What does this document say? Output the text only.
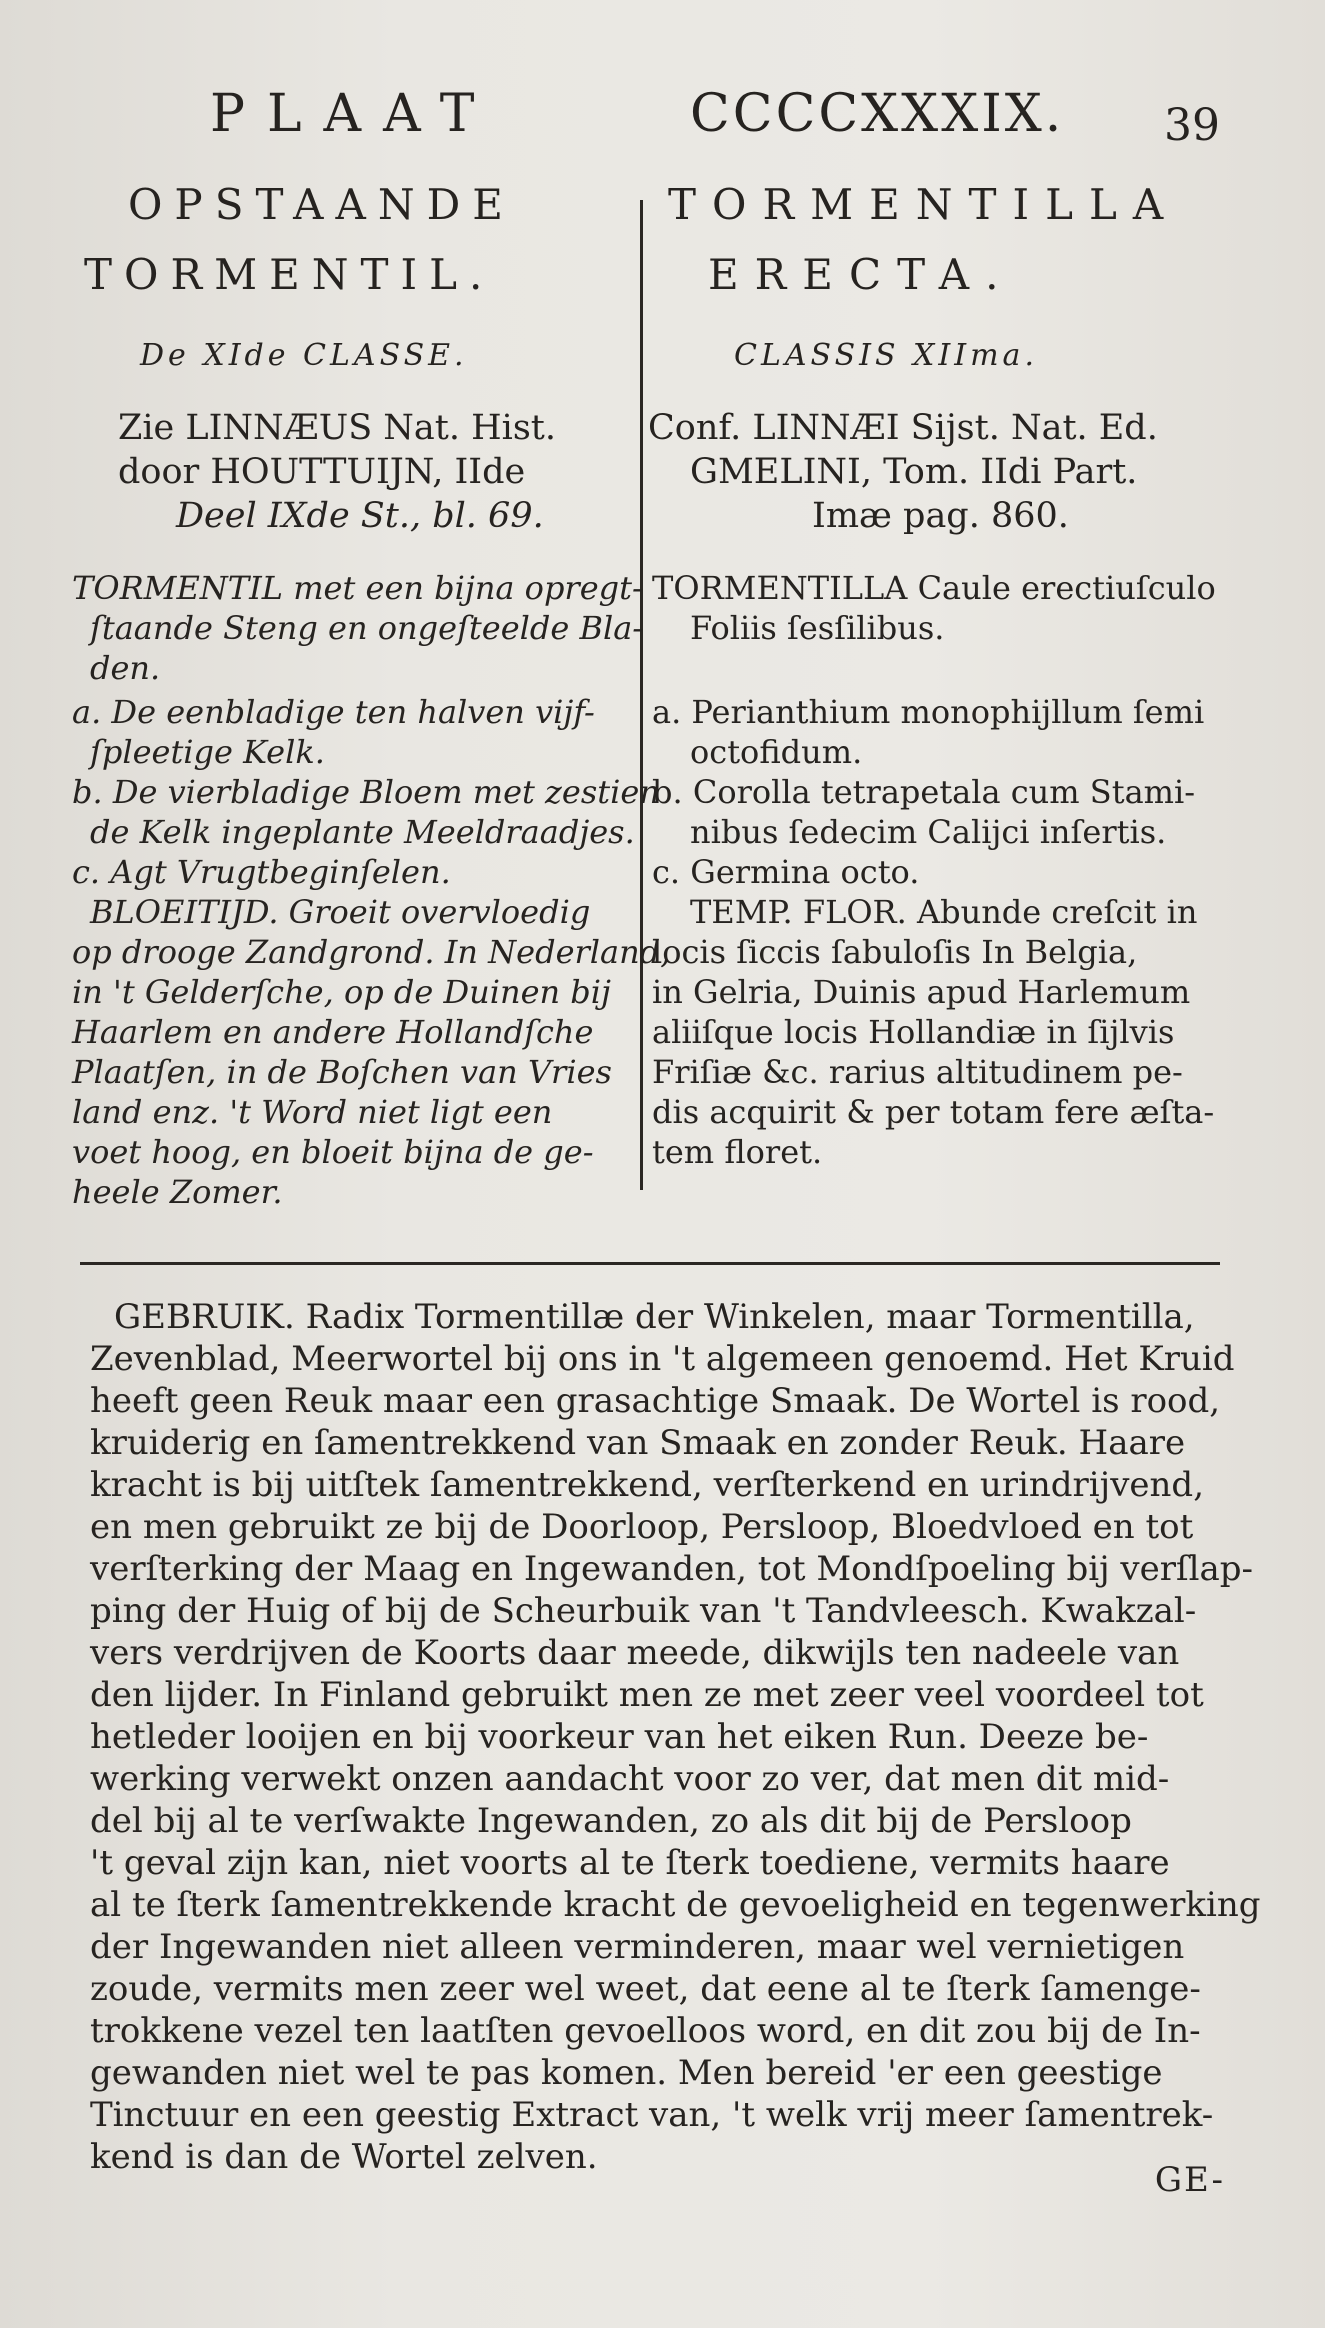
PLAAT	CCCCXXXIX. 39
OPSTAANDE
TORMENTIL.
De XIde CLASSE.
Zie LINNÆUS Nat. Hist.
door HOUTTUIJN, IIde
Deel IXde St., bl. 69.
TORMENTIL met een bijna opregt-
ſtaande Steng en ongeſteelde Bla-
den.
a. De eenbladige ten halven vijf-
ſpleetige Kelk.
b. De vierbladige Bloem met zestien
de Kelk ingeplante Meeldraadjes.
c. Agt Vrugtbeginſelen.
BLOEITIJD. Groeit overvloedig
op drooge Zandgrond. In Nederland,
in 't Gelderſche, op de Duinen bij
Haarlem en andere Hollandſche
Plaatſen, in de Boſchen van Vries
land enz. 't Word niet ligt een
voet hoog, en bloeit bijna de ge-
heele Zomer.
TORMENTILLA
ERECTA.
CLASSIS XIIma.
Conf. LINNÆI Sijst. Nat. Ed.
GMELINI, Tom. IIdi Part.
Imæ pag. 860.
TORMENTILLA Caule erectiuſculo
Foliis ſesſilibus.
a. Perianthium monophijllum ſemi
octofidum.
b. Corolla tetrapetala cum Stami-
nibus ſedecim Calijci inſertis.
c. Germina octo.
TEMP. FLOR. Abunde creſcit in
locis ſiccis ſabuloſis In Belgia,
in Gelria, Duinis apud Harlemum
aliiſque locis Hollandiæ in ſijlvis
Friſiæ &c. rarius altitudinem pe-
dis acquirit & per totam fere æſta-
tem floret.
GEBRUIK. Radix Tormentillæ der Winkelen, maar Tormentilla,
Zevenblad, Meerwortel bij ons in 't algemeen genoemd. Het Kruid
heeft geen Reuk maar een grasachtige Smaak. De Wortel is rood,
kruiderig en ſamentrekkend van Smaak en zonder Reuk. Haare
kracht is bij uitſtek ſamentrekkend, verſterkend en urindrijvend,
en men gebruikt ze bij de Doorloop, Persloop, Bloedvloed en tot
verſterking der Maag en Ingewanden, tot Mondſpoeling bij verſlap-
ping der Huig of bij de Scheurbuik van 't Tandvleesch. Kwakzal-
vers verdrijven de Koorts daar meede, dikwijls ten nadeele van
den lijder. In Finland gebruikt men ze met zeer veel voordeel tot
hetleder looijen en bij voorkeur van het eiken Run. Deeze be-
werking verwekt onzen aandacht voor zo ver, dat men dit mid-
del bij al te verſwakte Ingewanden, zo als dit bij de Persloop
't geval zijn kan, niet voorts al te ſterk toediene, vermits haare
al te ſterk ſamentrekkende kracht de gevoeligheid en tegenwerking
der Ingewanden niet alleen verminderen, maar wel vernietigen
zoude, vermits men zeer wel weet, dat eene al te ſterk ſamenge-
trokkene vezel ten laatſten gevoelloos word, en dit zou bij de In-
gewanden niet wel te pas komen. Men bereid 'er een geestige
Tinctuur en een geestig Extract van, 't welk vrij meer ſamentrek-
kend is dan de Wortel zelven.
GE-
